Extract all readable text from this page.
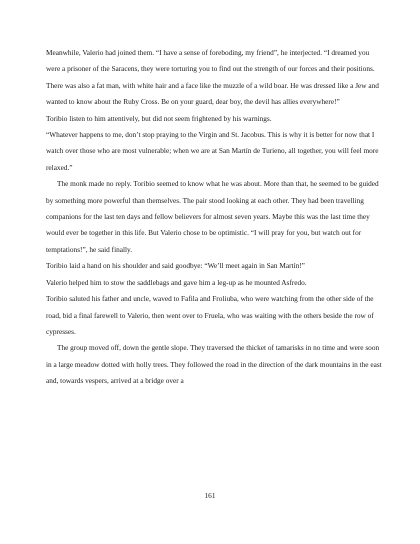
Meanwhile, Valerio had joined them. “I have a sense of foreboding, my friend”, he interjected. “I dreamed you were a prisoner of the Saracens, they were torturing you to find out the strength of our forces and their positions. There was also a fat man, with white hair and a face like the muzzle of a wild boar. He was dressed like a Jew and wanted to know about the Ruby Cross. Be on your guard, dear boy, the devil has allies everywhere!”

Toribio listen to him attentively, but did not seem frightened by his warnings.

“Whatever happens to me, don’t stop praying to the Virgin and St. Jacobus. This is why it is better for now that I watch over those who are most vulnerable; when we are at San Martín de Turieno, all together, you will feel more relaxed.”

The monk made no reply. Toribio seemed to know what he was about. More than that, he seemed to be guided by something more powerful than themselves. The pair stood looking at each other. They had been travelling companions for the last ten days and fellow believers for almost seven years. Maybe this was the last time they would ever be together in this life. But Valerio chose to be optimistic. “I will pray for you, but watch out for temptations!”, he said finally.

Toribio laid a hand on his shoulder and said goodbye: “We’ll meet again in San Martín!”

Valerio helped him to stow the saddlebags and gave him a leg-up as he mounted Asfredo.

Toribio saluted his father and uncle, waved to Fafila and Froliuba, who were watching from the other side of the road, bid a final farewell to Valerio, then went over to Fruela, who was waiting with the others beside the row of cypresses.

The group moved off, down the gentle slope. They traversed the thicket of tamarisks in no time and were soon in a large meadow dotted with holly trees. They followed the road in the direction of the dark mountains in the east and, towards vespers, arrived at a bridge over a

161
